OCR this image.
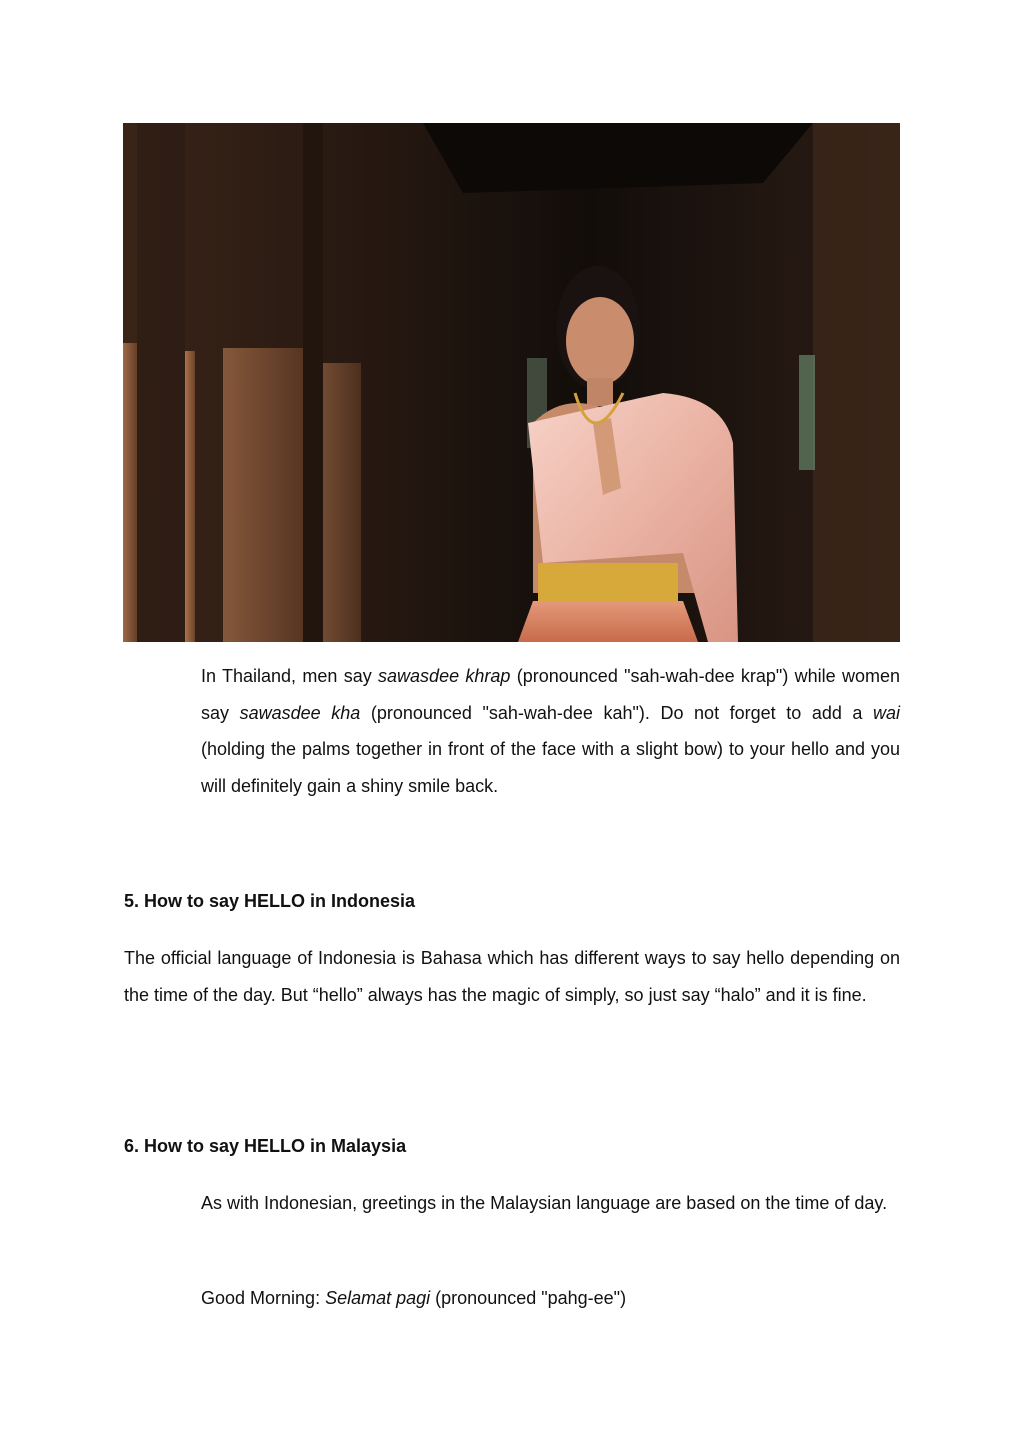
In Thailand, men say sawasdee khrap (pronounced "sah-wah-dee krap") while women say sawasdee kha (pronounced "sah-wah-dee kah"). Do not forget to add a wai (holding the palms together in front of the face with a slight bow) to your hello and you will definitely gain a shiny smile back.

5. How to say HELLO in Indonesia

The official language of Indonesia is Bahasa which has different ways to say hello depending on the time of the day. But “hello” always has the magic of simply, so just say “halo” and it is fine.

6. How to say HELLO in Malaysia

As with Indonesian, greetings in the Malaysian language are based on the time of day.

Good Morning: Selamat pagi (pronounced "pahg-ee")
